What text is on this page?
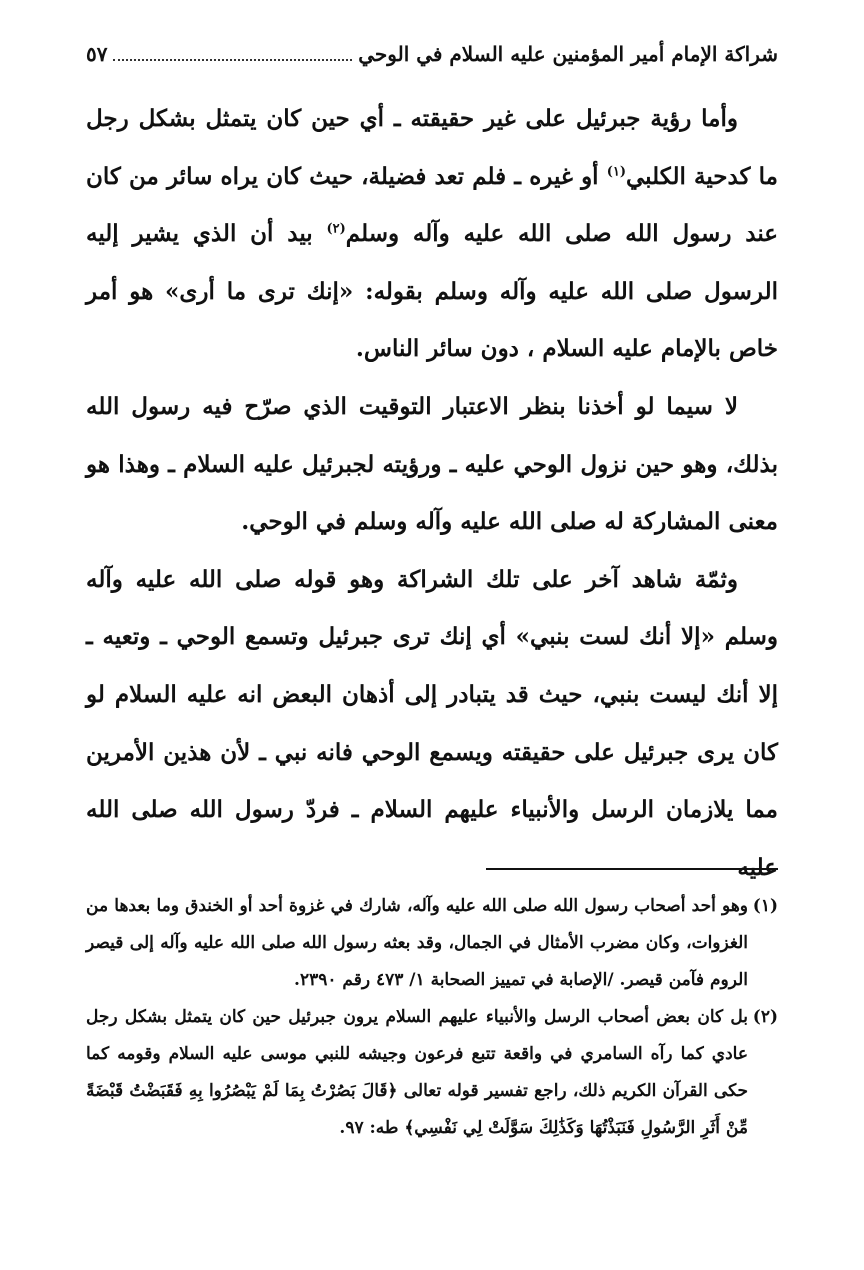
شراكة الإمام أمير المؤمنين عليه السلام في الوحي
٥٧

وأما رؤية جبرئيل على غير حقيقته ـ أي حين كان يتمثل بشكل رجل ما كدحية الكلبي$^{(١)}$ أو غيره ـ فلم تعد فضيلة، حيث كان يراه سائر من كان عند رسول الله صلى الله عليه وآله وسلم$^{(٢)}$ بيد أن الذي يشير إليه الرسول صلى الله عليه وآله وسلم بقوله: «إنك ترى ما أرى» هو أمر خاص بالإمام عليه السلام ، دون سائر الناس.

لا سيما لو أخذنا بنظر الاعتبار التوقيت الذي صرّح فيه رسول الله بذلك، وهو حين نزول الوحي عليه ـ ورؤيته لجبرئيل عليه السلام ـ وهذا هو معنى المشاركة له صلى الله عليه وآله وسلم في الوحي.

وثمّة شاهد آخر على تلك الشراكة وهو قوله صلى الله عليه وآله وسلم «إلا أنك لست بنبي» أي إنك ترى جبرئيل وتسمع الوحي ـ وتعيه ـ إلا أنك ليست بنبي، حيث قد يتبادر إلى أذهان البعض انه عليه السلام لو كان يرى جبرئيل على حقيقته ويسمع الوحي فانه نبي ـ لأن هذين الأمرين مما يلازمان الرسل والأنبياء عليهم السلام ـ فردّ رسول الله صلى الله عليه

(١)
وهو أحد أصحاب رسول الله صلى الله عليه وآله، شارك في غزوة أحد أو الخندق وما بعدها من الغزوات، وكان مضرب الأمثال في الجمال، وقد بعثه رسول الله صلى الله عليه وآله إلى قيصر الروم فآمن قيصر. /الإصابة في تمييز الصحابة ١/ ٤٧٣ رقم ٢٣٩٠.

(٢)
بل كان بعض أصحاب الرسل والأنبياء عليهم السلام يرون جبرئيل حين كان يتمثل بشكل رجل عادي كما رآه السامري في واقعة تتبع فرعون وجيشه للنبي موسى عليه السلام وقومه كما حكى القرآن الكريم ذلك، راجع تفسير قوله تعالى ﴿قَالَ بَصُرْتُ بِمَا لَمْ يَبْصُرُوا بِهِ فَقَبَضْتُ قَبْضَةً مِّنْ أَثَرِ الرَّسُولِ فَنَبَذْتُهَا وَكَذَٰلِكَ سَوَّلَتْ لِي نَفْسِي﴾ طه: ٩٧.
